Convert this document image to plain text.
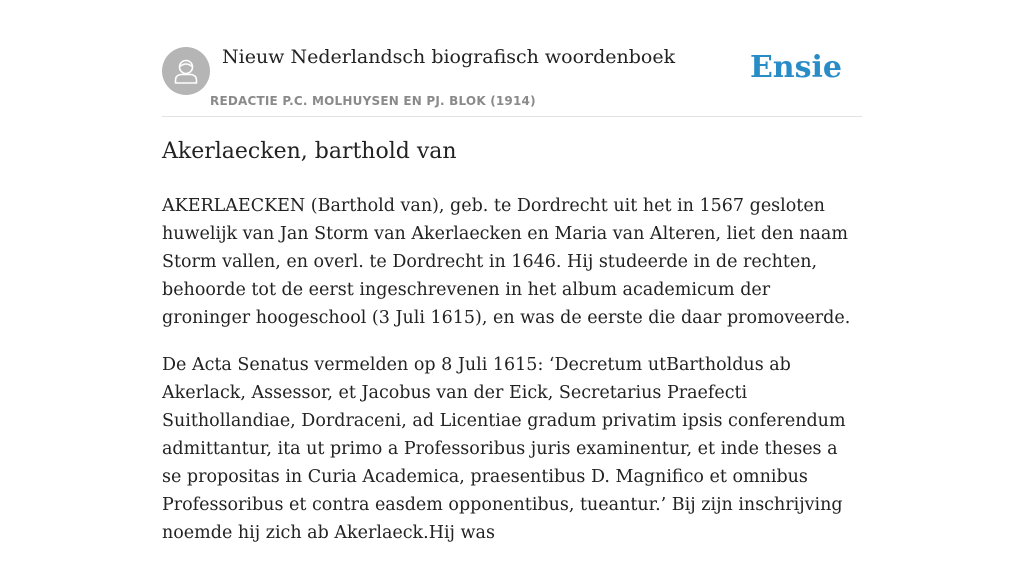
Nieuw Nederlandsch biografisch woordenboek
REDACTIE P.C. MOLHUYSEN EN PJ. BLOK (1914)
Ensie
Akerlaecken, barthold van

AKERLAECKEN (Barthold van), geb. te Dordrecht uit het in 1567 gesloten huwelijk van Jan Storm van Akerlaecken en Maria van Alteren, liet den naam Storm vallen, en overl. te Dordrecht in 1646. Hij studeerde in de rechten, behoorde tot de eerst ingeschrevenen in het album academicum der groninger hoogeschool (3 Juli 1615), en was de eerste die daar promoveerde.

De Acta Senatus vermelden op 8 Juli 1615: ‘Decretum utBartholdus ab Akerlack, Assessor, et Jacobus van der Eick, Secretarius Praefecti Suithollandiae, Dordraceni, ad Licentiae gradum privatim ipsis conferendum admittantur, ita ut primo a Professoribus juris examinentur, et inde theses a se propositas in Curia Academica, praesentibus D. Magnifico et omnibus Professoribus et contra easdem opponentibus, tueantur.’ Bij zijn inschrijving noemde hij zich ab Akerlaeck.Hij was
